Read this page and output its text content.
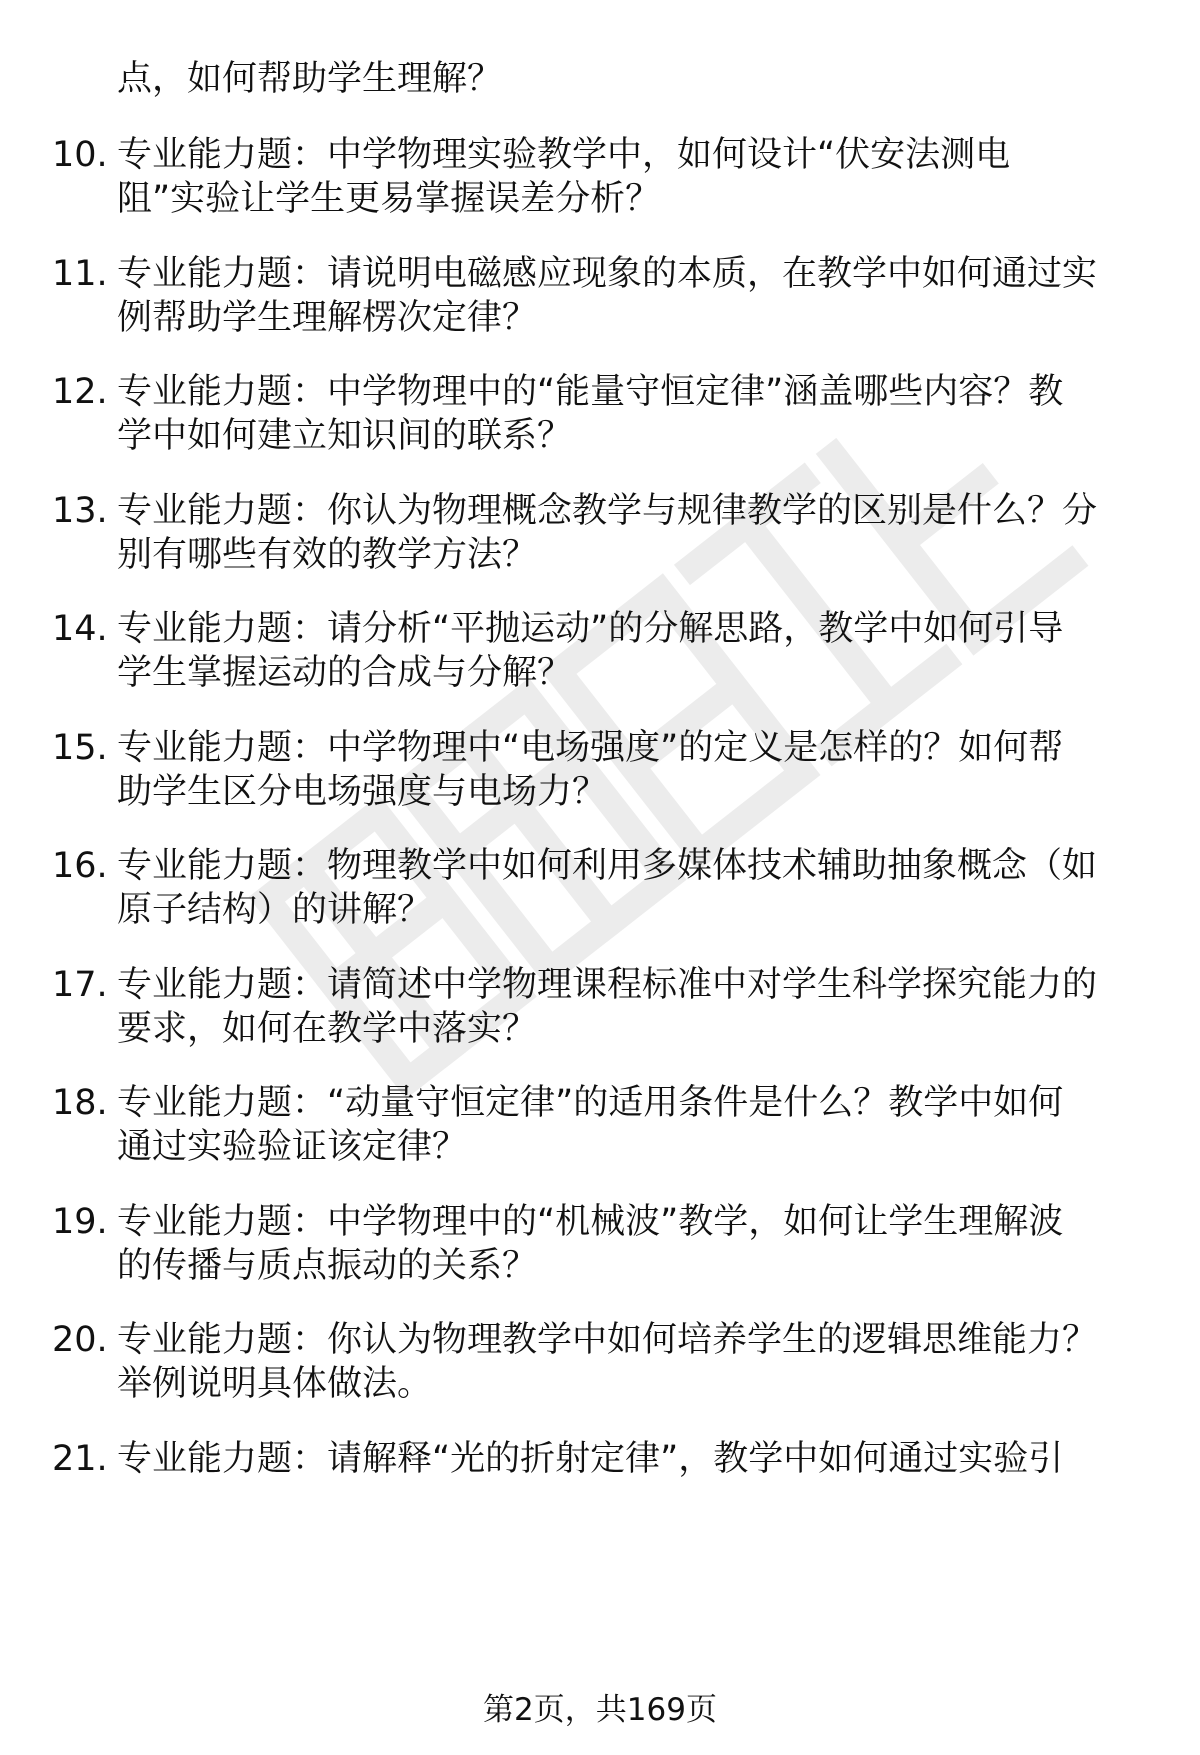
点，如何帮助学生理解？
10. 专业能力题：中学物理实验教学中，如何设计“伏安法测电
阻”实验让学生更易掌握误差分析？
11. 专业能力题：请说明电磁感应现象的本质，在教学中如何通过实
例帮助学生理解楞次定律？
12. 专业能力题：中学物理中的“能量守恒定律”涵盖哪些内容？教
学中如何建立知识间的联系？
13. 专业能力题：你认为物理概念教学与规律教学的区别是什么？分
别有哪些有效的教学方法？
14. 专业能力题：请分析“平抛运动”的分解思路，教学中如何引导
学生掌握运动的合成与分解？
15. 专业能力题：中学物理中“电场强度”的定义是怎样的？如何帮
助学生区分电场强度与电场力？
16. 专业能力题：物理教学中如何利用多媒体技术辅助抽象概念（如
原子结构）的讲解？
17. 专业能力题：请简述中学物理课程标准中对学生科学探究能力的
要求，如何在教学中落实？
18. 专业能力题：“动量守恒定律”的适用条件是什么？教学中如何
通过实验验证该定律？
19. 专业能力题：中学物理中的“机械波”教学，如何让学生理解波
的传播与质点振动的关系？
20. 专业能力题：你认为物理教学中如何培养学生的逻辑思维能力？
举例说明具体做法。
21. 专业能力题：请解释“光的折射定律”，教学中如何通过实验引
第2页，共169页
